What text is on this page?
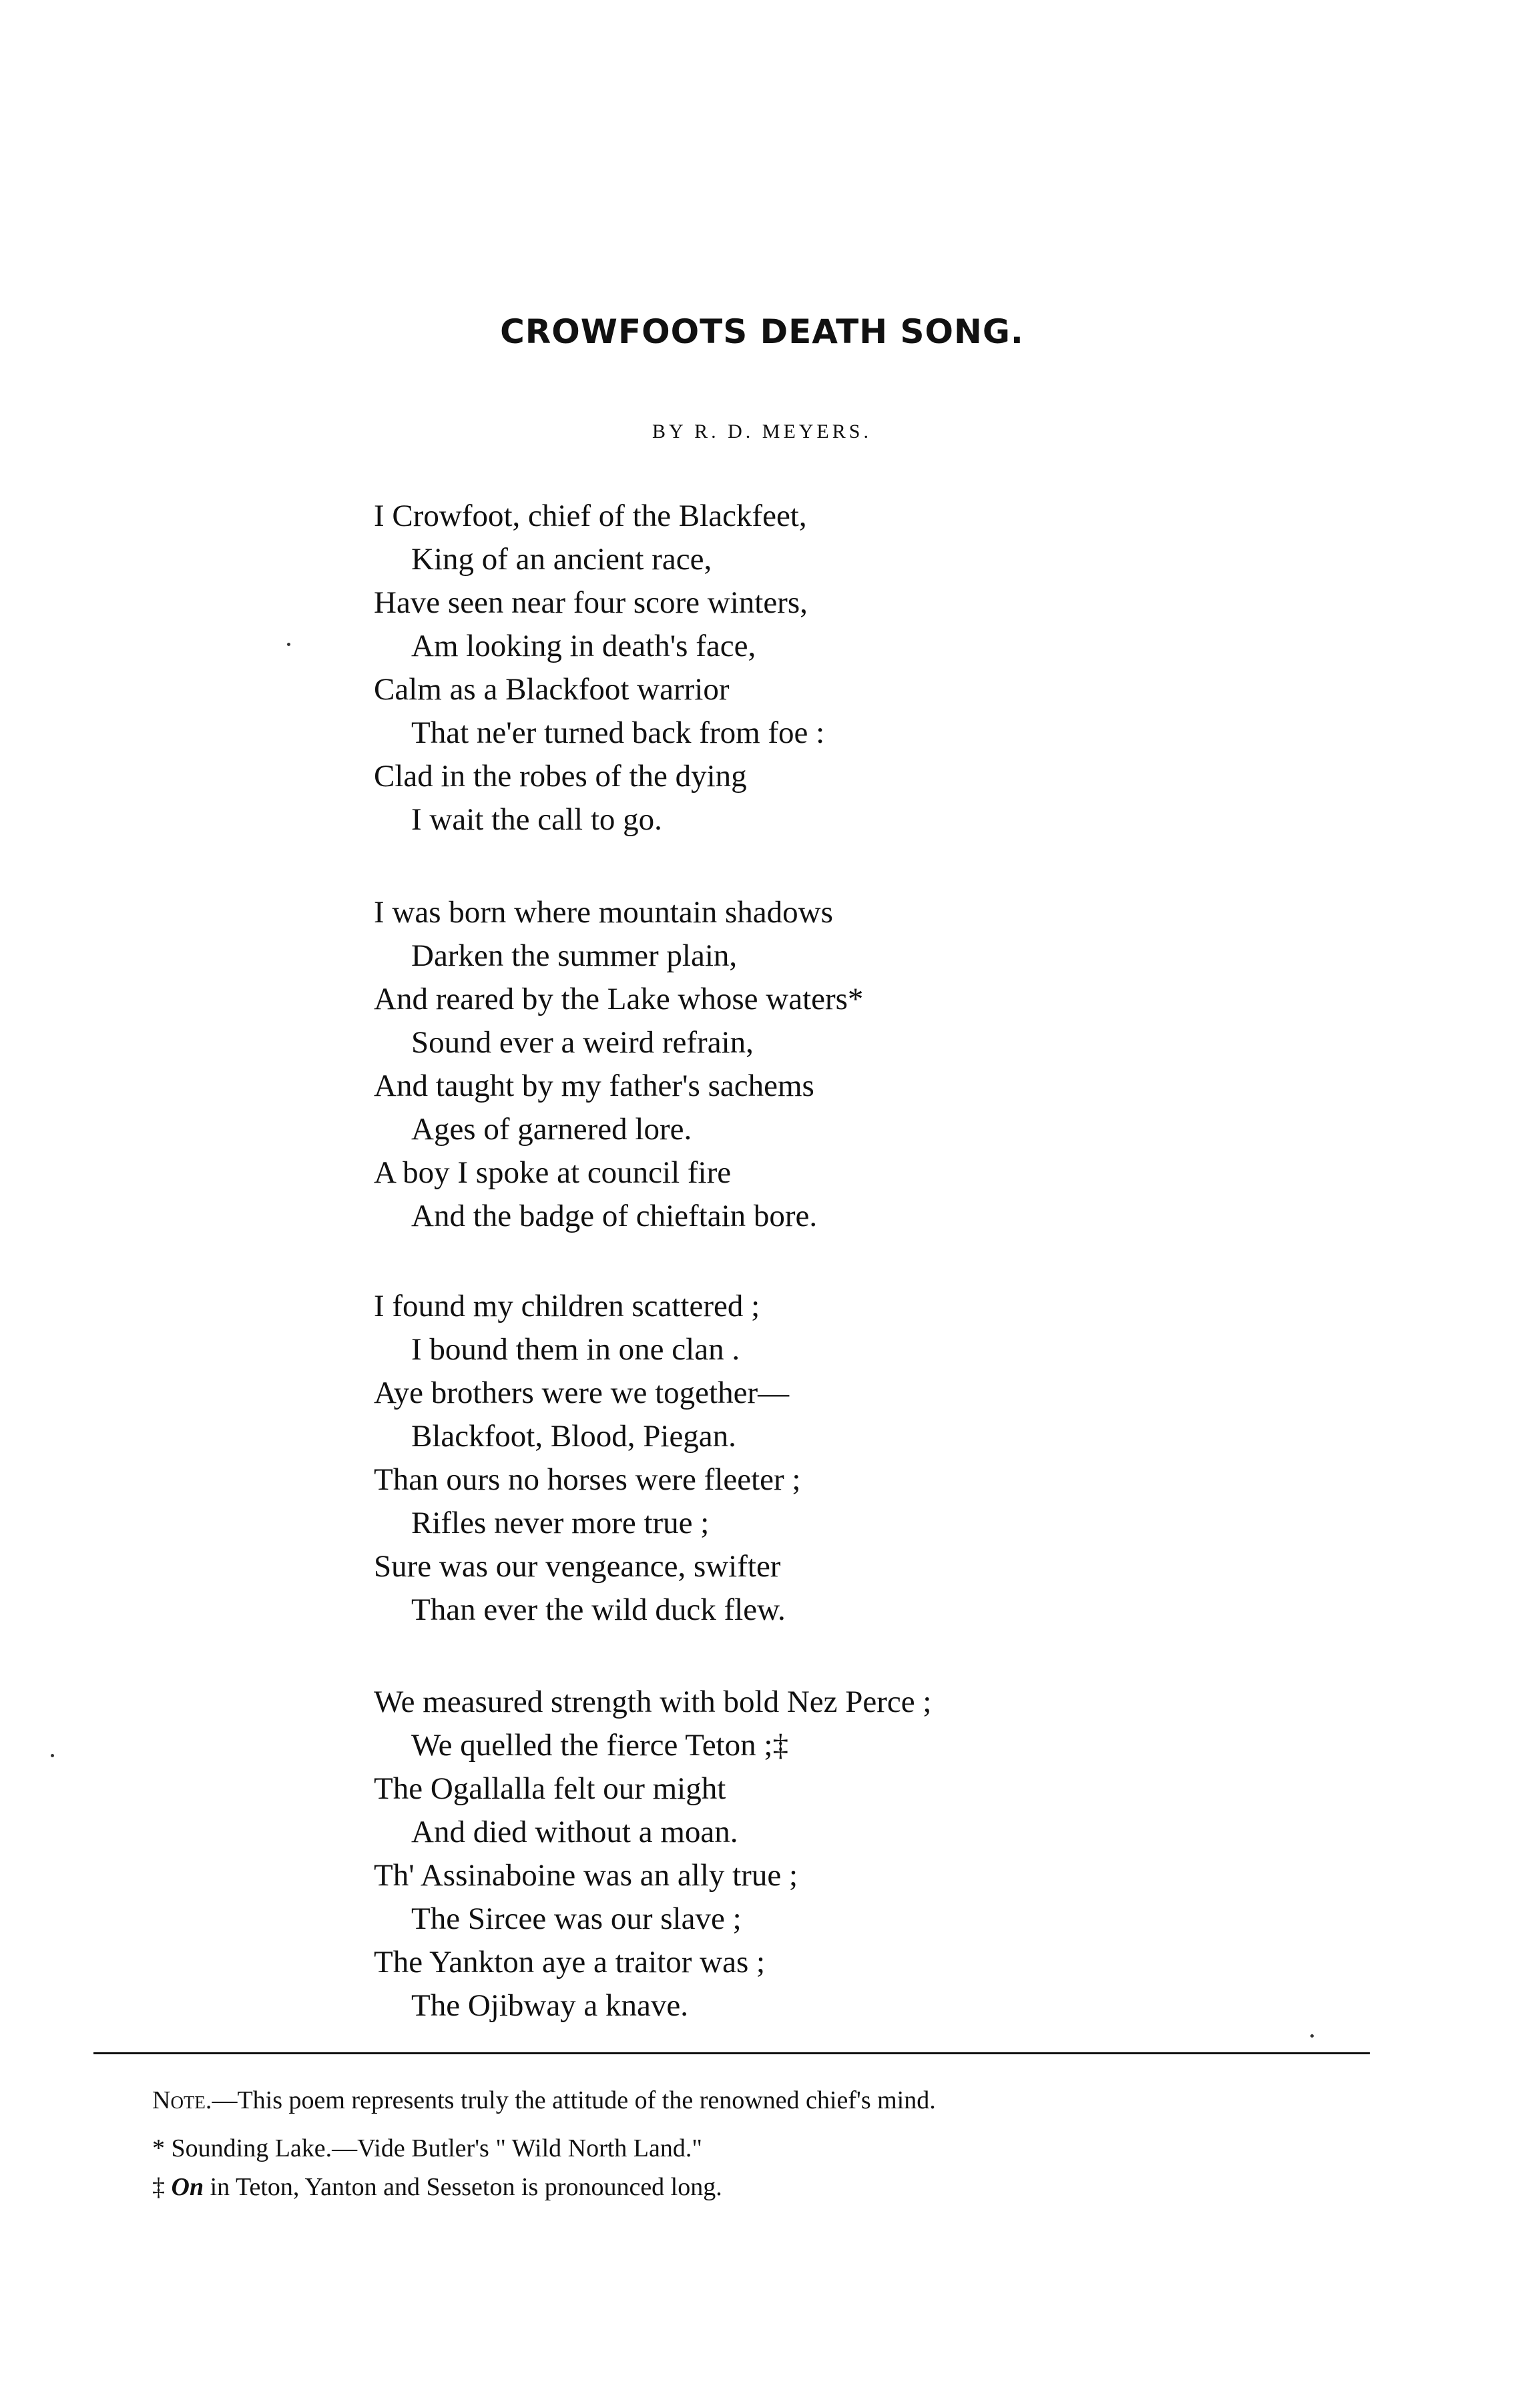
CROWFOOTS DEATH SONG.
BY R. D. MEYERS.
I Crowfoot, chief of the Blackfeet,
King of an ancient race,
Have seen near four score winters,
Am looking in death's face,
Calm as a Blackfoot warrior
That ne'er turned back from foe :
Clad in the robes of the dying
I wait the call to go.
I was born where mountain shadows
Darken the summer plain,
And reared by the Lake whose waters*
Sound ever a weird refrain,
And taught by my father's sachems
Ages of garnered lore.
A boy I spoke at council fire
And the badge of chieftain bore.
I found my children scattered ;
I bound them in one clan .
Aye brothers were we together—
Blackfoot, Blood, Piegan.
Than ours no horses were fleeter ;
Rifles never more true ;
Sure was our vengeance, swifter
Than ever the wild duck flew.
We measured strength with bold Nez Perce ;
We quelled the fierce Teton ;‡
The Ogallalla felt our might
And died without a moan.
Th' Assinaboine was an ally true ;
The Sircee was our slave ;
The Yankton aye a traitor was ;
The Ojibway a knave.
Note.—This poem represents truly the attitude of the renowned chief's mind.
* Sounding Lake.—Vide Butler's " Wild North Land."
‡ On in Teton, Yanton and Sesseton is pronounced long.
